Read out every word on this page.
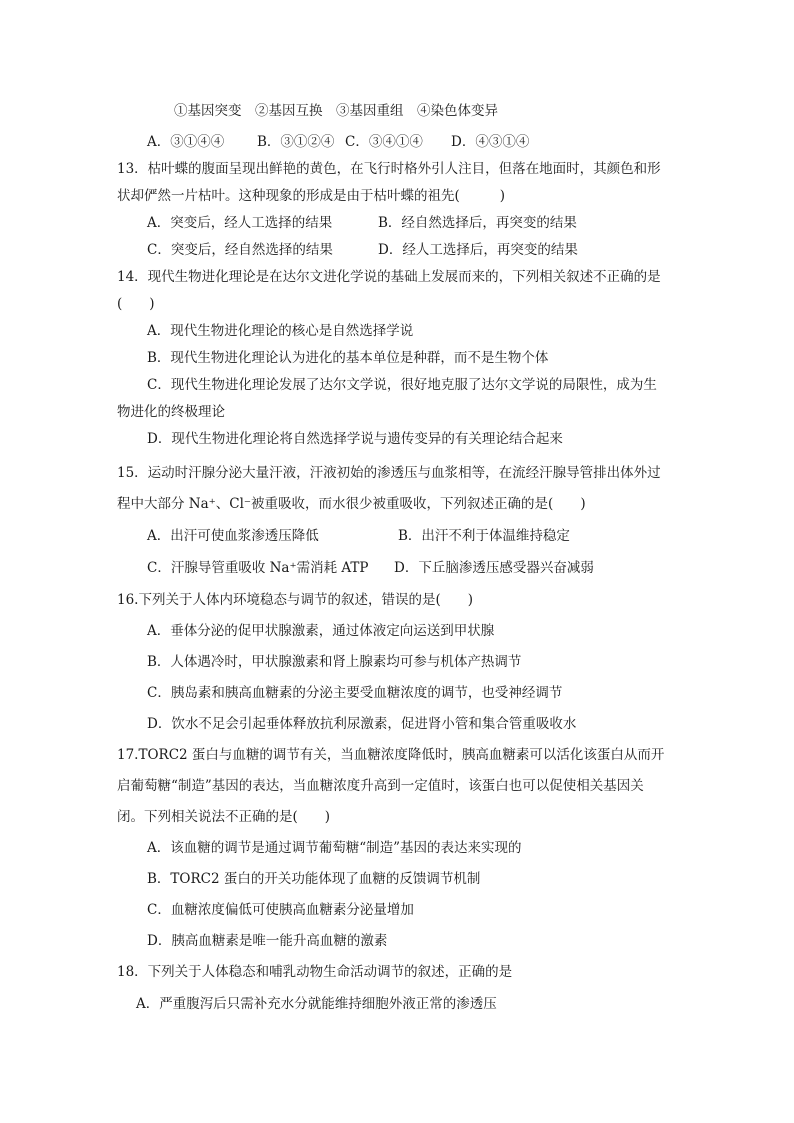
①基因突变　②基因互换　③基因重组　④染色体变异
A．③①④④ B．③①②④ C．③④①④ D．④③①④
13．枯叶蝶的腹面呈现出鲜艳的黄色，在飞行时格外引人注目，但落在地面时，其颜色和形
状却俨然一片枯叶。这种现象的形成是由于枯叶蝶的祖先(	)
A．突变后，经人工选择的结果	B．经自然选择后，再突变的结果
C．突变后，经自然选择的结果	D．经人工选择后，再突变的结果
14．现代生物进化理论是在达尔文进化学说的基础上发展而来的，下列相关叙述不正确的是
(　　)
A．现代生物进化理论的核心是自然选择学说
B．现代生物进化理论认为进化的基本单位是种群，而不是生物个体
C．现代生物进化理论发展了达尔文学说，很好地克服了达尔文学说的局限性，成为生
物进化的终极理论
D．现代生物进化理论将自然选择学说与遗传变异的有关理论结合起来
15．运动时汗腺分泌大量汗液，汗液初始的渗透压与血浆相等，在流经汗腺导管排出体外过
程中大部分 Na⁺、Cl⁻被重吸收，而水很少被重吸收，下列叙述正确的是(　　)
A．出汗可使血浆渗透压降低	B．出汗不利于体温维持稳定
C．汗腺导管重吸收 Na⁺需消耗 ATP D．下丘脑渗透压感受器兴奋减弱
16.下列关于人体内环境稳态与调节的叙述，错误的是(　　)
A．垂体分泌的促甲状腺激素，通过体液定向运送到甲状腺
B．人体遇冷时，甲状腺激素和肾上腺素均可参与机体产热调节
C．胰岛素和胰高血糖素的分泌主要受血糖浓度的调节，也受神经调节
D．饮水不足会引起垂体释放抗利尿激素，促进肾小管和集合管重吸收水
17.TORC2 蛋白与血糖的调节有关，当血糖浓度降低时，胰高血糖素可以活化该蛋白从而开
启葡萄糖“制造”基因的表达，当血糖浓度升高到一定值时，该蛋白也可以促使相关基因关
闭。下列相关说法不正确的是(　　)
A．该血糖的调节是通过调节葡萄糖“制造”基因的表达来实现的
B．TORC2 蛋白的开关功能体现了血糖的反馈调节机制
C．血糖浓度偏低可使胰高血糖素分泌量增加
D．胰高血糖素是唯一能升高血糖的激素
18．下列关于人体稳态和哺乳动物生命活动调节的叙述，正确的是
A．严重腹泻后只需补充水分就能维持细胞外液正常的渗透压
